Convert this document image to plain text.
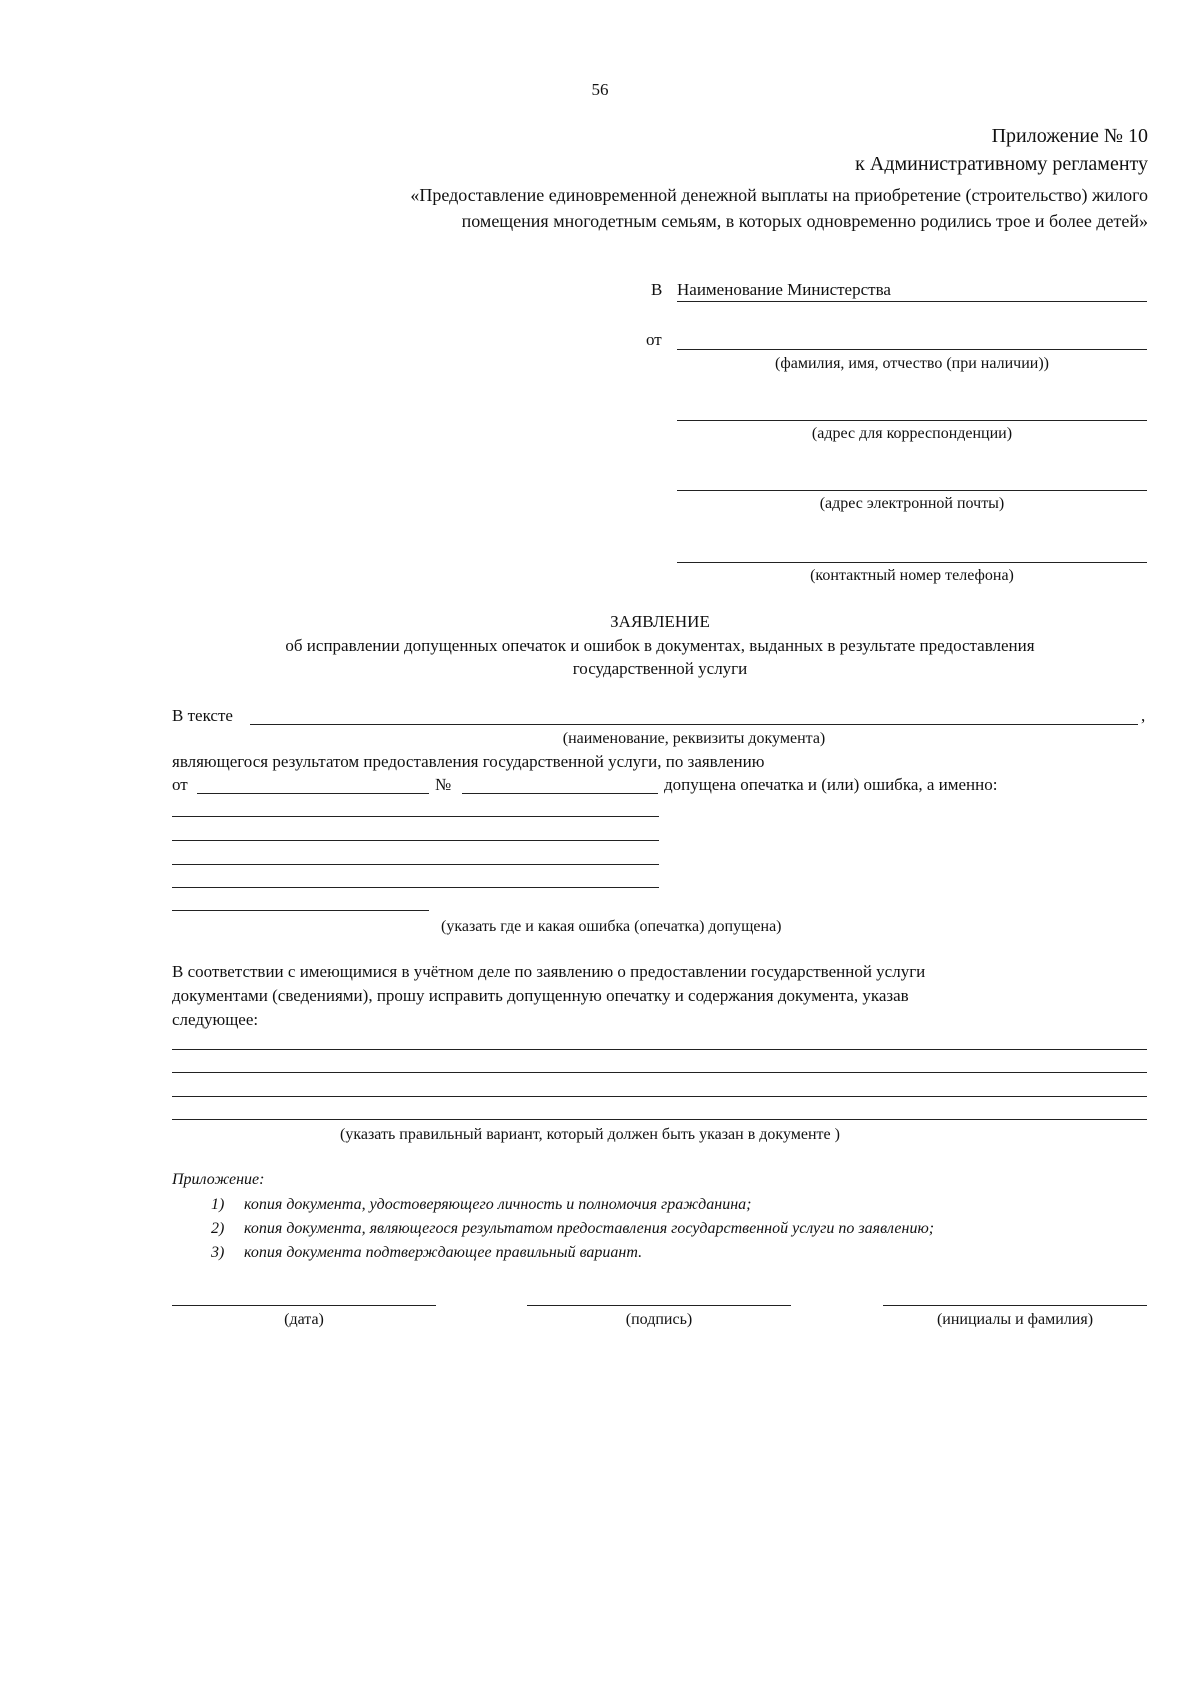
56
Приложение № 10
к Административному регламенту
«Предоставление единовременной денежной выплаты на приобретение (строительство) жилого
помещения многодетным семьям, в которых одновременно родились трое и более детей»
В Наименование Министерства
от
(фамилия, имя, отчество (при наличии))
(адрес для корреспонденции)
(адрес электронной почты)
(контактный номер телефона)
ЗАЯВЛЕНИЕ
об исправлении допущенных опечаток и ошибок в документах, выданных в результате предоставления
государственной услуги
В тексте	,
(наименование, реквизиты документа)
являющегося результатом предоставления государственной услуги, по заявлению
от	№	допущена опечатка и (или) ошибка, а именно:
(указать где и какая ошибка (опечатка) допущена)
В соответствии с имеющимися в учётном деле по заявлению о предоставлении государственной услуги
документами (сведениями), прошу исправить допущенную опечатку и содержания документа, указав
следующее:
(указать правильный вариант, который должен быть указан в документе )
Приложение:
1) копия документа, удостоверяющего личность и полномочия гражданина;
2) копия документа, являющегося результатом предоставления государственной услуги по заявлению;
3) копия документа подтверждающее правильный вариант.
(дата)	(подпись)	(инициалы и фамилия)
